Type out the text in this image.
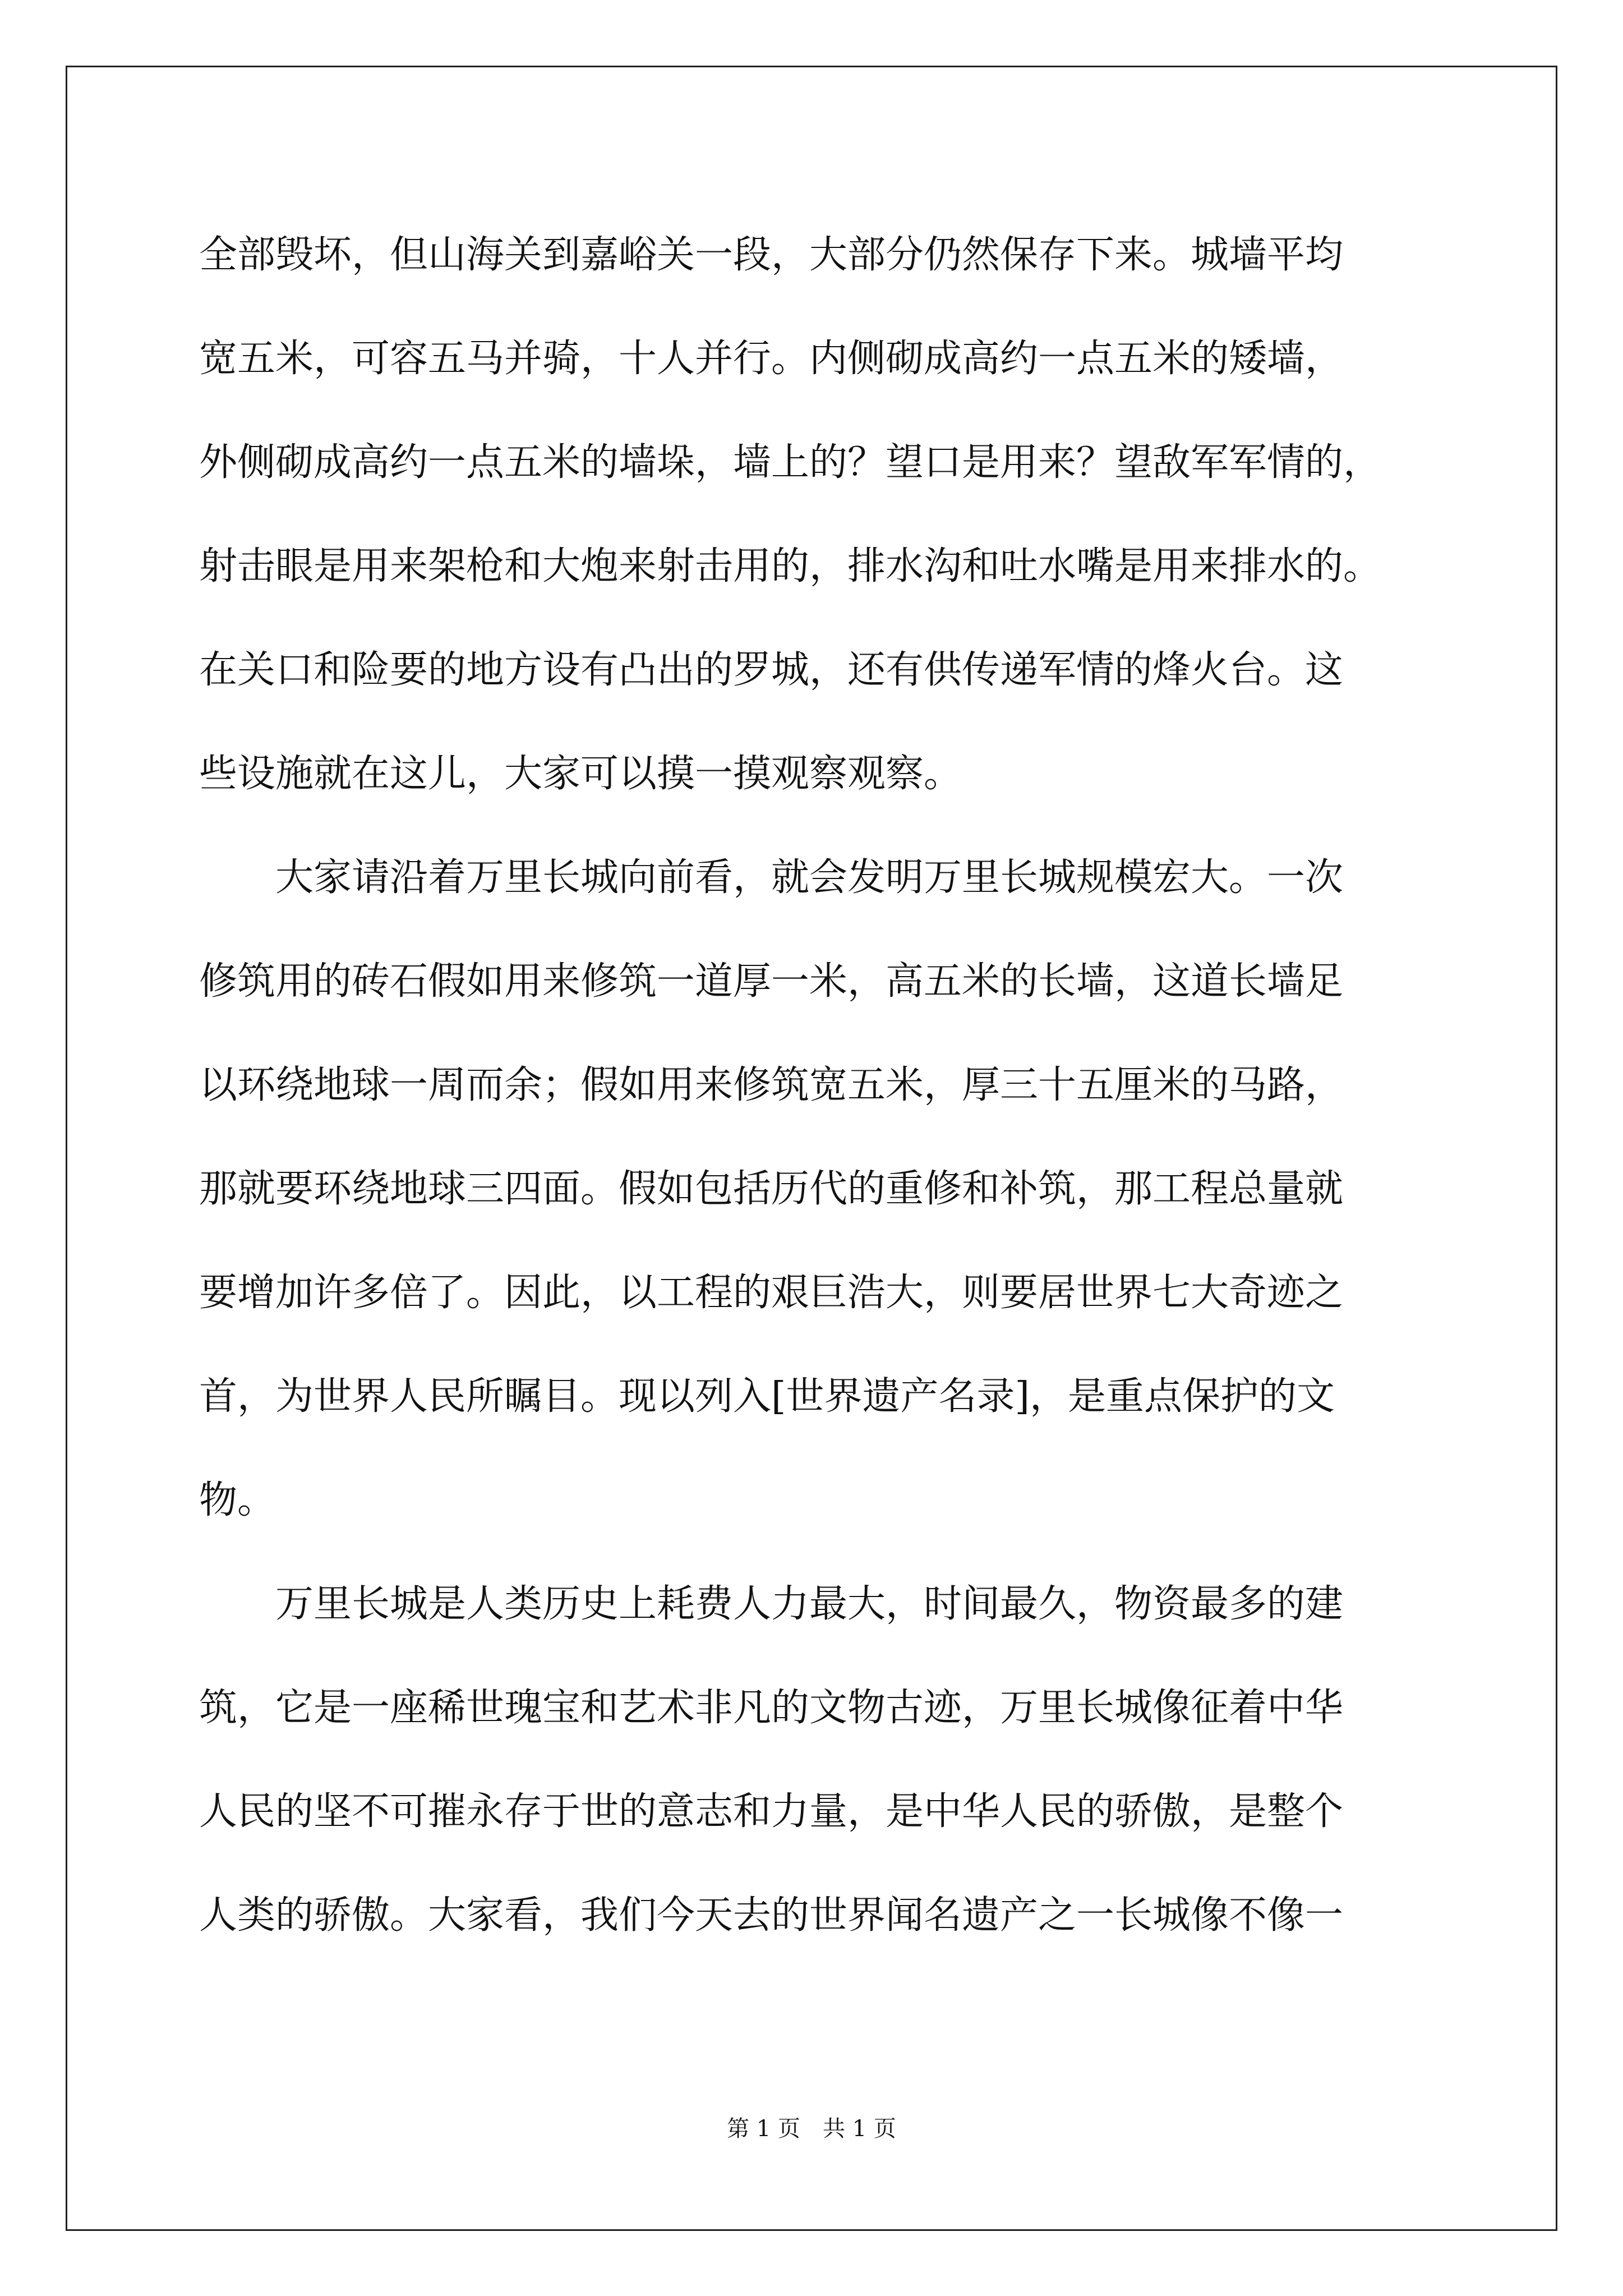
全部毁坏，但山海关到嘉峪关一段，大部分仍然保存下来。城墙平均
宽五米，可容五马并骑，十人并行。内侧砌成高约一点五米的矮墙，
外侧砌成高约一点五米的墙垛，墙上的？望口是用来？望敌军军情的，
射击眼是用来架枪和大炮来射击用的，排水沟和吐水嘴是用来排水的。
在关口和险要的地方设有凸出的罗城，还有供传递军情的烽火台。这
些设施就在这儿，大家可以摸一摸观察观察。
　　大家请沿着万里长城向前看，就会发明万里长城规模宏大。一次
修筑用的砖石假如用来修筑一道厚一米，高五米的长墙，这道长墙足
以环绕地球一周而余；假如用来修筑宽五米，厚三十五厘米的马路，
那就要环绕地球三四面。假如包括历代的重修和补筑，那工程总量就
要增加许多倍了。因此，以工程的艰巨浩大，则要居世界七大奇迹之
首，为世界人民所瞩目。现以列入[世界遗产名录]，是重点保护的文
物。
　　万里长城是人类历史上耗费人力最大，时间最久，物资最多的建
筑，它是一座稀世瑰宝和艺术非凡的文物古迹，万里长城像征着中华
人民的坚不可摧永存于世的意志和力量，是中华人民的骄傲，是整个
人类的骄傲。大家看，我们今天去的世界闻名遗产之一长城像不像一
第 1 页　共 1 页
